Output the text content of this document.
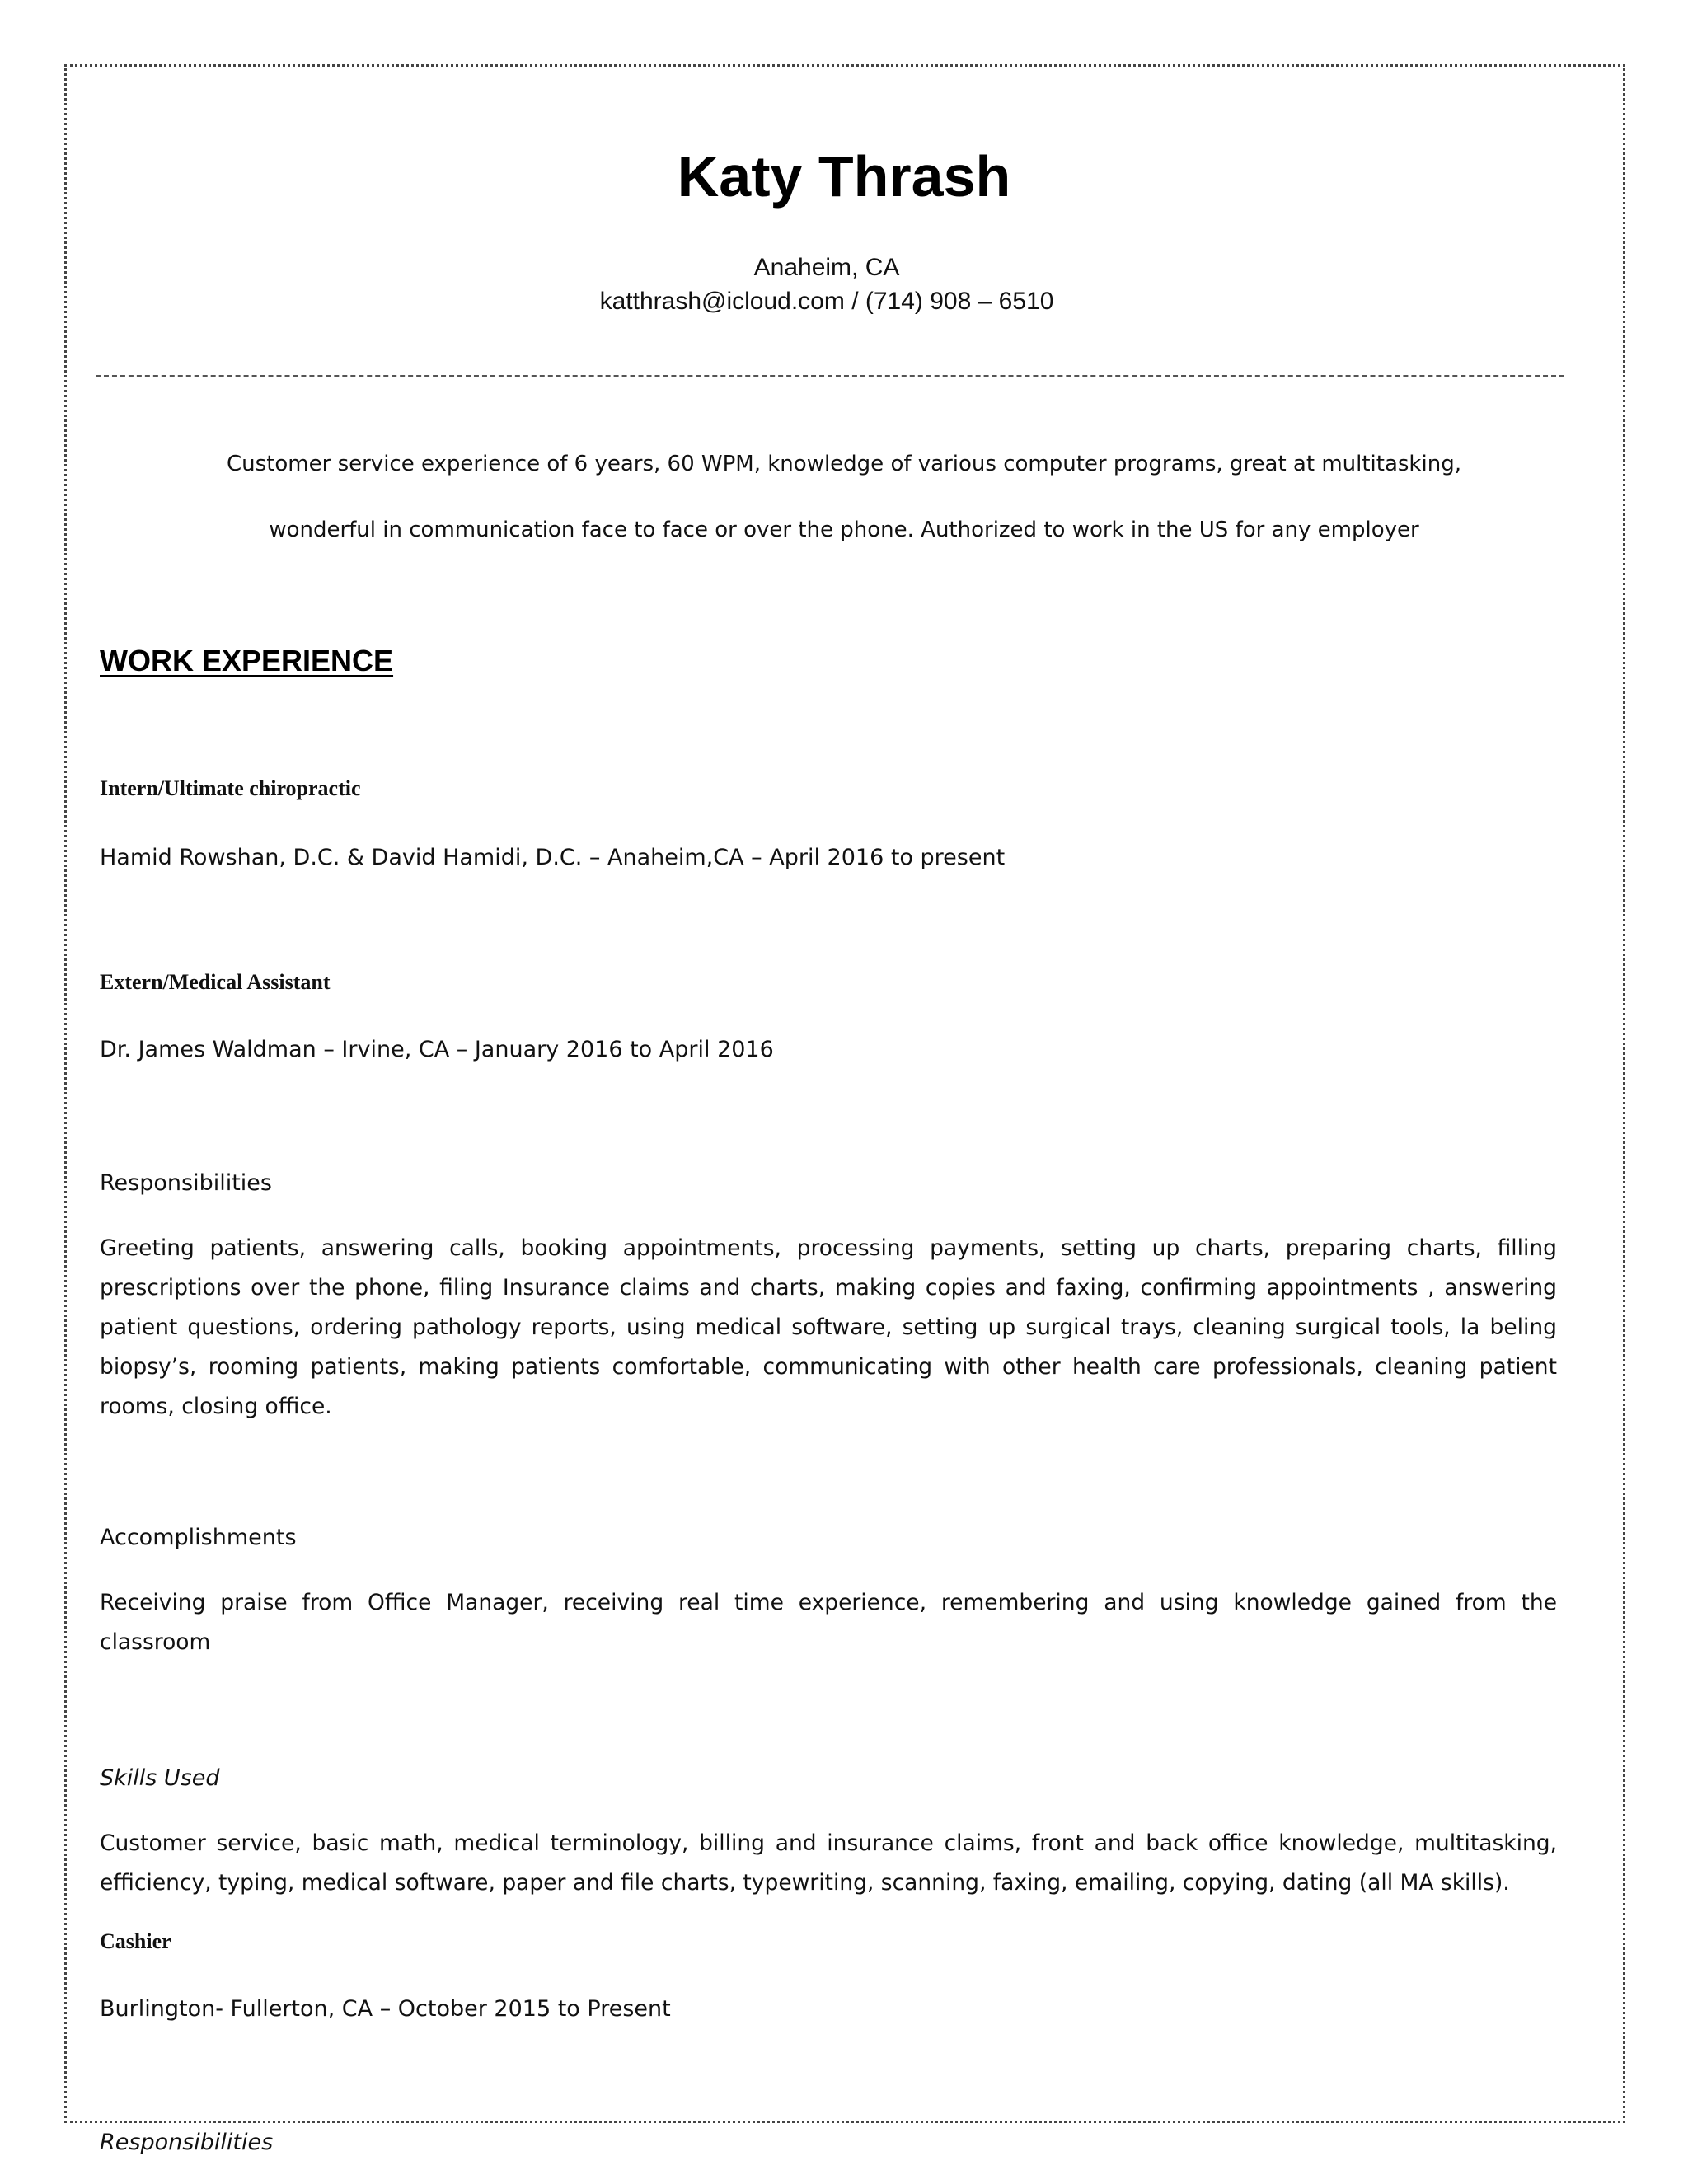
Katy Thrash
Anaheim, CA
katthrash@icloud.com / (714) 908 – 6510
Customer service experience of 6 years, 60 WPM, knowledge of various computer programs, great at multitasking,
wonderful in communication face to face or over the phone. Authorized to work in the US for any employer
WORK EXPERIENCE
Intern/Ultimate chiropractic
Hamid Rowshan, D.C. & David Hamidi, D.C. – Anaheim,CA – April 2016 to present
Extern/Medical Assistant
Dr. James Waldman – Irvine, CA – January 2016 to April 2016
Responsibilities

Greeting patients, answering calls, booking appointments, processing payments, setting up charts, preparing charts, filling prescriptions over the phone, filing Insurance claims and charts, making copies and faxing, confirming appointments , answering patient questions, ordering pathology reports, using medical software, setting up surgical trays, cleaning surgical tools, la beling biopsy’s, rooming patients, making patients comfortable, communicating with other health care professionals, cleaning patient rooms, closing office.

Accomplishments

Receiving praise from Office Manager, receiving real time experience, remembering and using knowledge gained from the classroom

Skills Used

Customer service, basic math, medical terminology, billing and insurance claims, front and back office knowledge, multitasking, efficiency, typing, medical software, paper and file charts, typewriting, scanning, faxing, emailing, copying, dating (all MA skills).

Cashier
Burlington- Fullerton, CA – October 2015 to Present
Responsibilities
